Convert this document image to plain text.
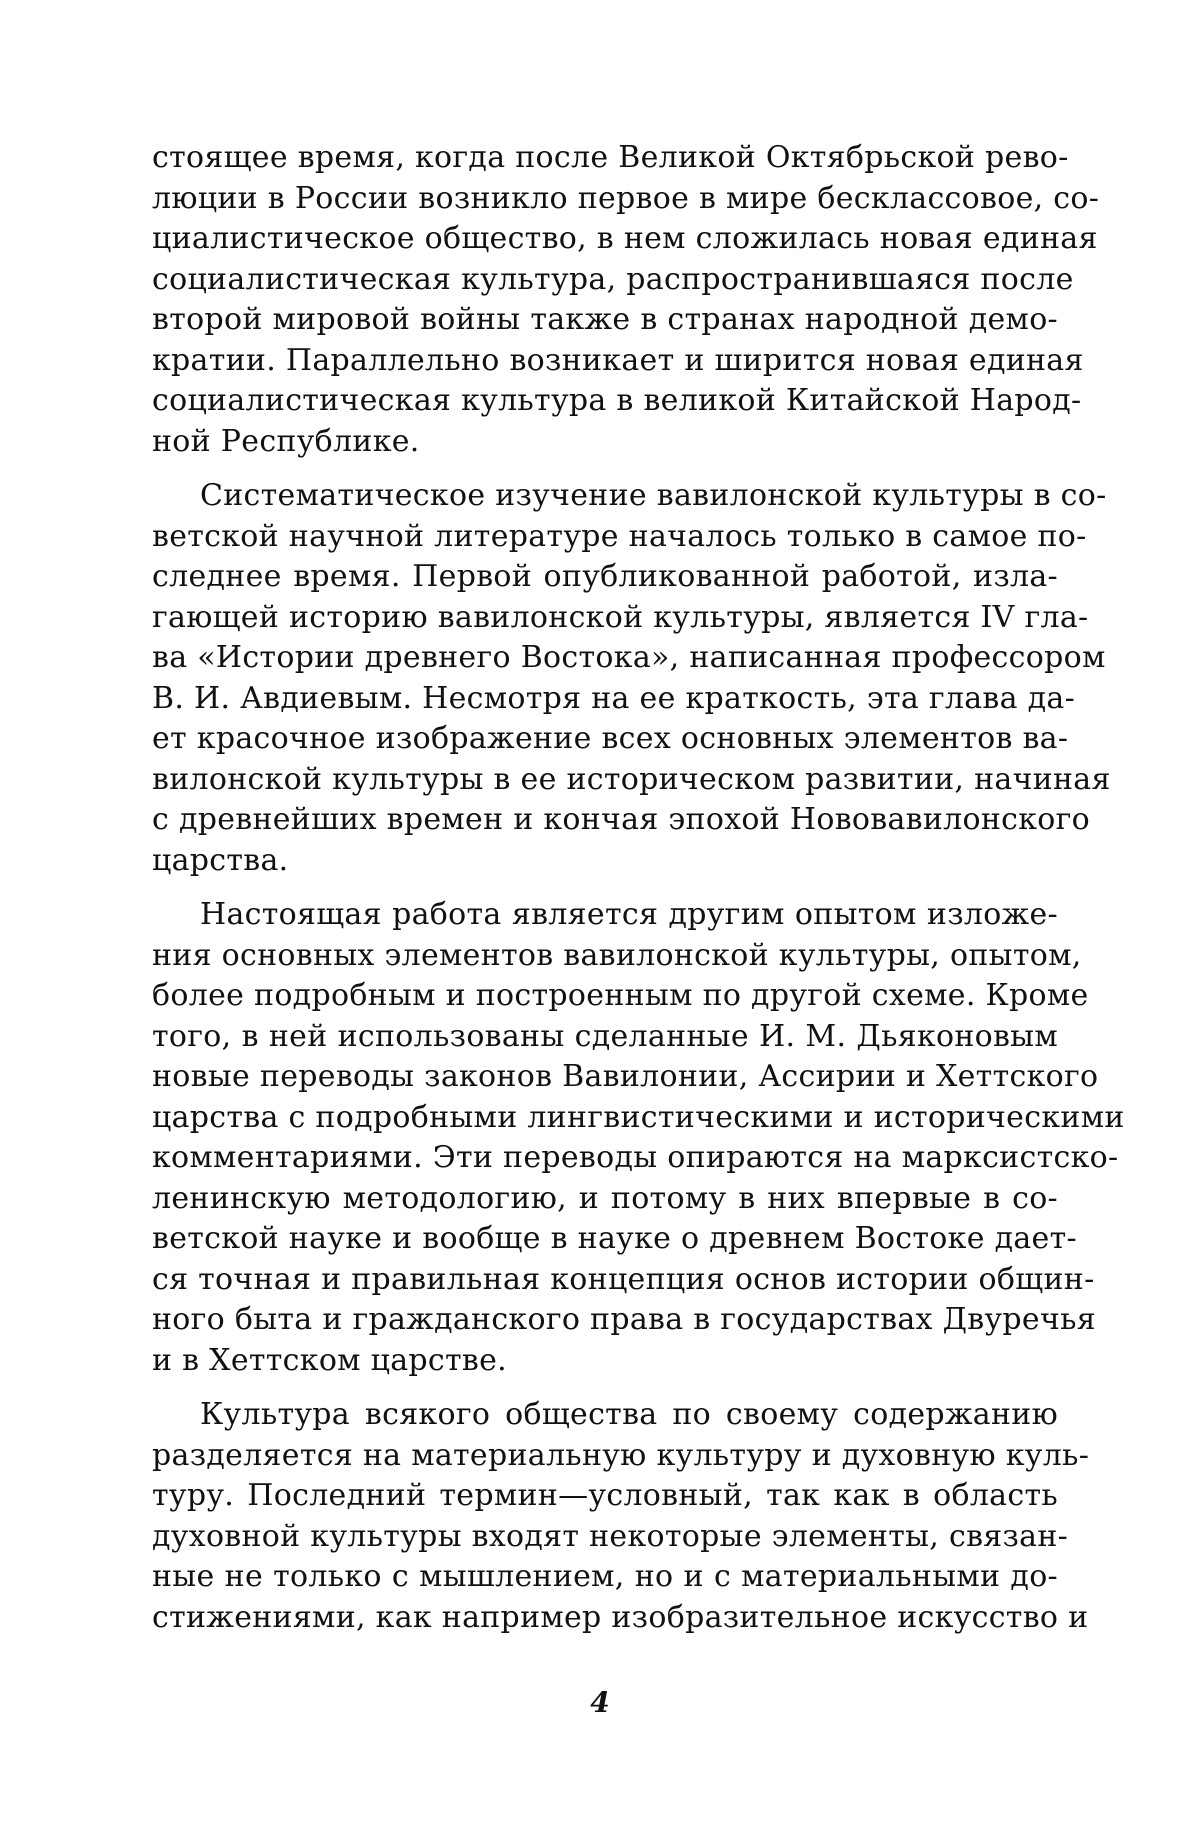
стоящее время, когда после Великой Октябрьской рево-
люции в России возникло первое в мире бесклассовое, со-
циалистическое общество, в нем сложилась новая единая
социалистическая культура, распространившаяся после
второй мировой войны также в странах народной демо-
кратии. Параллельно возникает и ширится новая единая
социалистическая культура в великой Китайской Народ-
ной Республике.

Систематическое изучение вавилонской культуры в со-
ветской научной литературе началось только в самое по-
следнее время. Первой опубликованной работой, изла-
гающей историю вавилонской культуры, является IV гла-
ва «Истории древнего Востока», написанная профессором
В. И. Авдиевым. Несмотря на ее краткость, эта глава да-
ет красочное изображение всех основных элементов ва-
вилонской культуры в ее историческом развитии, начиная
с древнейших времен и кончая эпохой Нововавилонского
царства.

Настоящая работа является другим опытом изложе-
ния основных элементов вавилонской культуры, опытом,
более подробным и построенным по другой схеме. Кроме
того, в ней использованы сделанные И. М. Дьяконовым
новые переводы законов Вавилонии, Ассирии и Хеттского
царства с подробными лингвистическими и историческими
комментариями. Эти переводы опираются на марксистско-
ленинскую методологию, и потому в них впервые в со-
ветской науке и вообще в науке о древнем Востоке дает-
ся точная и правильная концепция основ истории общин-
ного быта и гражданского права в государствах Двуречья
и в Хеттском царстве.

Культура всякого общества по своему содержанию
разделяется на материальную культуру и духовную куль-
туру. Последний термин—условный, так как в область
духовной культуры входят некоторые элементы, связан-
ные не только с мышлением, но и с материальными до-
стижениями, как например изобразительное искусство и

4
